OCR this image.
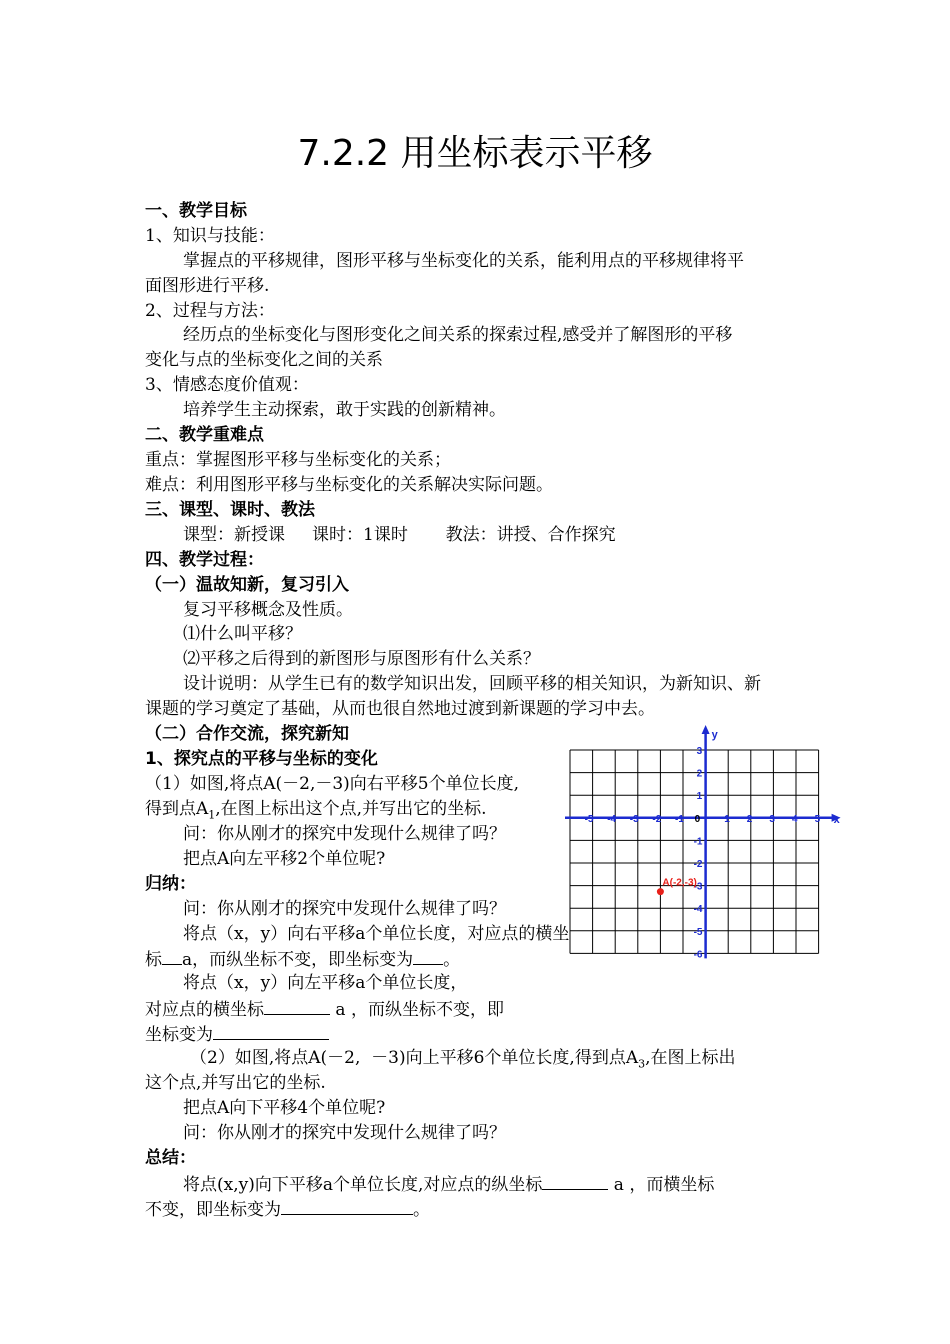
7.2.2 用坐标表示平移
一、教学目标
1、知识与技能：
掌握点的平移规律，图形平移与坐标变化的关系，能利用点的平移规律将平
面图形进行平移.
2、过程与方法：
经历点的坐标变化与图形变化之间关系的探索过程,感受并了解图形的平移
变化与点的坐标变化之间的关系
3、情感态度价值观：
培养学生主动探索，敢于实践的创新精神。
二、教学重难点
重点：掌握图形平移与坐标变化的关系；
难点：利用图形平移与坐标变化的关系解决实际问题。
三、课型、课时、教法
课型：新授课     课时：1课时       教法：讲授、合作探究
四、教学过程：
（一）温故知新，复习引入
复习平移概念及性质。
⑴什么叫平移？
⑵平移之后得到的新图形与原图形有什么关系？
设计说明：从学生已有的数学知识出发，回顾平移的相关知识，为新知识、新
课题的学习奠定了基础，从而也很自然地过渡到新课题的学习中去。
（二）合作交流，探究新知
1、探究点的平移与坐标的变化
（1）如图,将点A(－2,－3)向右平移5个单位长度,
得到点$A_1$,在图上标出这个点,并写出它的坐标.
问：你从刚才的探究中发现什么规律了吗？
把点A向左平移2个单位呢?
归纳：
问：你从刚才的探究中发现什么规律了吗？
将点（x，y）向右平移a个单位长度，对应点的横坐
标 a，而纵坐标不变，即坐标变为 。
将点（x，y）向左平移a个单位长度，
对应点的横坐标	a ，而纵坐标不变，即
坐标变为
（2）如图,将点A(－2,  －3)向上平移6个单位长度,得到点$A_3$,在图上标出
这个点,并写出它的坐标.
把点A向下平移4个单位呢?
问：你从刚才的探究中发现什么规律了吗？
总结：
将点(x,y)向下平移a个单位长度,对应点的纵坐标	a ，而横坐标
不变，即坐标变为	。
x
y
0
-5 -4 -3 -2 -1	1 2 3 4 5
3
2
1
-1
-2
-3
-4
-5
-6
A(-2,-3)
